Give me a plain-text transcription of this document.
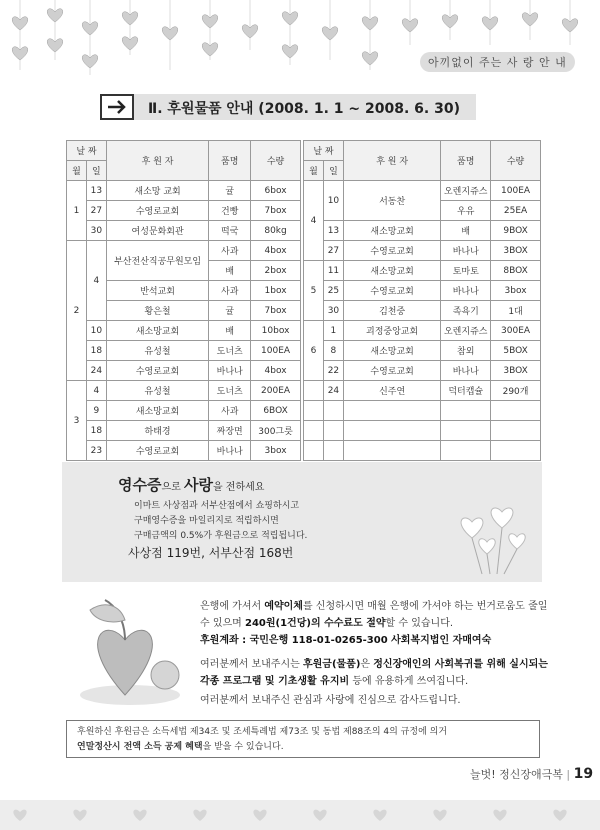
아끼없이 주는 사 랑 안 내
Ⅱ. 후원물품 안내 (2008. 1. 1 ~ 2008. 6. 30)
날 짜		후 원 자	품명	수량
월	일			
1	13	새소망 교회	귤	6box
	27	수영로교회	건빵	7box
	30	여성문화회관	떡국	80kg
2	4	부산전산직공무원모임	사과	4box
			배	2box
		반석교회	사과	1box
		황은철	귤	7box
	10	새소망교회	배	10box
	18	유성철	도너츠	100EA
	24	수영로교회	바나나	4box
3	4	유성철	도너츠	200EA
	9	새소망교회	사과	6BOX
	18	하태경	짜장면	300그릇
	23	수영로교회	바나나	3box
날 짜		후 원 자	품명	수량
월	일			
4	10	서동찬	오렌지쥬스	100EA
			우유	25EA
	13	새소망교회	배	9BOX
	27	수영로교회	바나나	3BOX
5	11	새소망교회	토마토	8BOX
	25	수영로교회	바나나	3box
	30	김천중	족욕기	1대
6	1	괴정중앙교회	오렌지쥬스	300EA
	8	새소망교회	참외	5BOX
	22	수영로교회	바나나	3BOX
	24	신주연	덕터캡슐	290개

영수증으로 사랑을 전하세요
이마트 사상점과 서부산점에서 쇼핑하시고
구매영수증을 마일리지로 적립하시면
구매금액의 0.5%가 후원금으로 적립됩니다.
사상점 119번, 서부산점 168번
은행에 가셔서 예약이체를 신청하시면 매월 은행에 가셔야 하는 번거로움도 줄일 수 있으며 240원(1건당)의 수수료도 절약할 수 있습니다.
후원계좌 : 국민은행 118-01-0265-300 사회복지법인 자매여숙
여러분께서 보내주시는 후원금(물품)은 정신장애인의 사회복귀를 위해 실시되는 각종 프로그램 및 기초생활 유지비 등에 유용하게 쓰여집니다.
여러분께서 보내주신 관심과 사랑에 진심으로 감사드립니다.
후원하신 후원금은 소득세법 제34조 및 조세특례법 제73조 및 동법 제88조의 4의 규정에 의거
연말정산시 전액 소득 공제 혜택을 받을 수 있습니다.
늘벗! 정신장애극복 | 19
